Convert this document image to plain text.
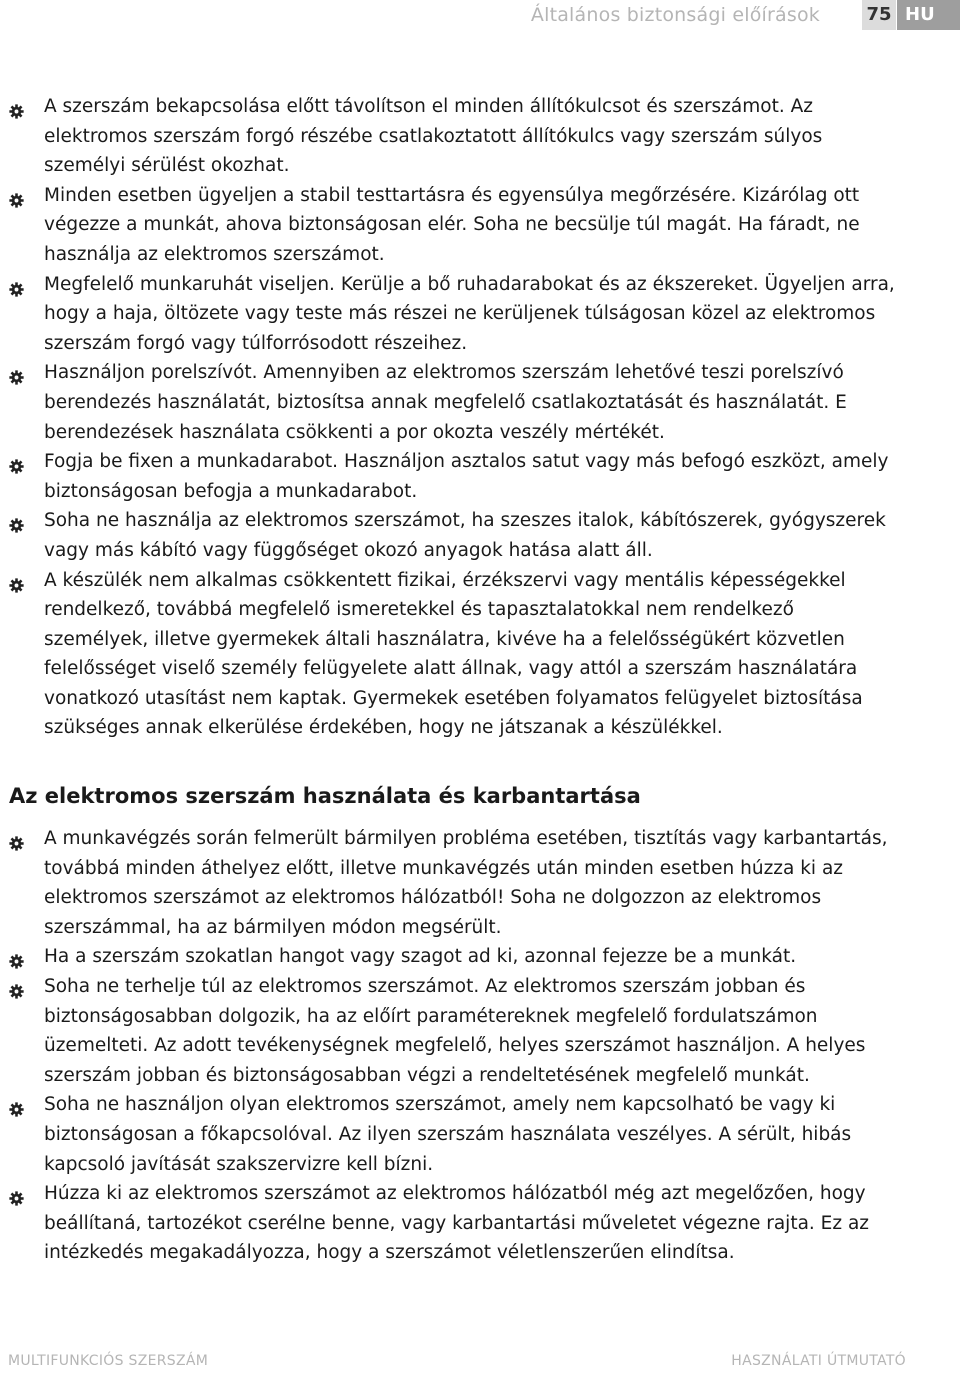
Általános biztonsági előírások	75 HU
A szerszám bekapcsolása előtt távolítson el minden állítókulcsot és szerszámot. Az elektromos szerszám forgó részébe csatlakoztatott állítókulcs vagy szerszám súlyos személyi sérülést okozhat.
Minden esetben ügyeljen a stabil testtartásra és egyensúlya megőrzésére. Kizárólag ott végezze a munkát, ahova biztonságosan elér. Soha ne becsülje túl magát. Ha fáradt, ne használja az elektromos szerszámot.
Megfelelő munkaruhát viseljen. Kerülje a bő ruhadarabokat és az ékszereket. Ügyeljen arra, hogy a haja, öltözete vagy teste más részei ne kerüljenek túlságosan közel az elektromos szerszám forgó vagy túlforrósodott részeihez.
Használjon porelszívót. Amennyiben az elektromos szerszám lehetővé teszi porelszívó berendezés használatát, biztosítsa annak megfelelő csatlakoztatását és használatát. E berendezések használata csökkenti a por okozta veszély mértékét.
Fogja be fixen a munkadarabot. Használjon asztalos satut vagy más befogó eszközt, amely biztonságosan befogja a munkadarabot.
Soha ne használja az elektromos szerszámot, ha szeszes italok, kábítószerek, gyógyszerek vagy más kábító vagy függőséget okozó anyagok hatása alatt áll.
A készülék nem alkalmas csökkentett fizikai, érzékszervi vagy mentális képességekkel rendelkező, továbbá megfelelő ismeretekkel és tapasztalatokkal nem rendelkező személyek, illetve gyermekek általi használatra, kivéve ha a felelősségükért közvetlen felelősséget viselő személy felügyelete alatt állnak, vagy attól a szerszám használatára vonatkozó utasítást nem kaptak. Gyermekek esetében folyamatos felügyelet biztosítása szükséges annak elkerülése érdekében, hogy ne játszanak a készülékkel.
Az elektromos szerszám használata és karbantartása
A munkavégzés során felmerült bármilyen probléma esetében, tisztítás vagy karbantartás, továbbá minden áthelyez előtt, illetve munkavégzés után minden esetben húzza ki az elektromos szerszámot az elektromos hálózatból! Soha ne dolgozzon az elektromos szerszámmal, ha az bármilyen módon megsérült.
Ha a szerszám szokatlan hangot vagy szagot ad ki, azonnal fejezze be a munkát.
Soha ne terhelje túl az elektromos szerszámot. Az elektromos szerszám jobban és biztonságosabban dolgozik, ha az előírt paramétereknek megfelelő fordulatszámon üzemelteti. Az adott tevékenységnek megfelelő, helyes szerszámot használjon. A helyes szerszám jobban és biztonságosabban végzi a rendeltetésének megfelelő munkát.
Soha ne használjon olyan elektromos szerszámot, amely nem kapcsolható be vagy ki biztonságosan a főkapcsolóval. Az ilyen szerszám használata veszélyes. A sérült, hibás kapcsoló javítását szakszervizre kell bízni.
Húzza ki az elektromos szerszámot az elektromos hálózatból még azt megelőzően, hogy beállítaná, tartozékot cserélne benne, vagy karbantartási műveletet végezne rajta. Ez az intézkedés megakadályozza, hogy a szerszámot véletlenszerűen elindítsa.
MULTIFUNKCIÓS SZERSZÁM	HASZNÁLATI ÚTMUTATÓ
